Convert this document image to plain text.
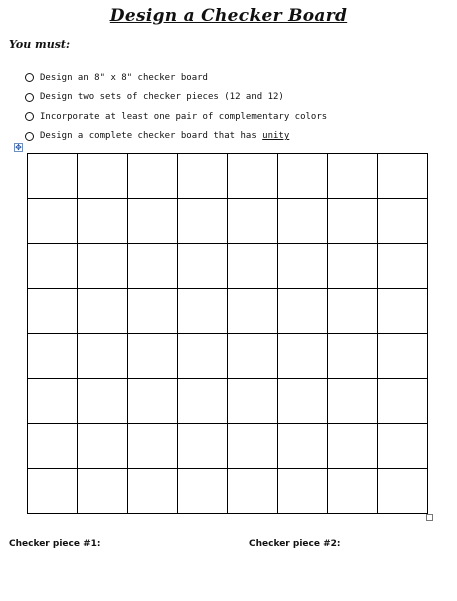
Design a Checker Board
You must:
Design an 8" x 8" checker board
Design two sets of checker pieces (12 and 12)
Incorporate at least one pair of complementary colors
Design a complete checker board that has unity
✥

Checker piece #1:	Checker piece #2:
